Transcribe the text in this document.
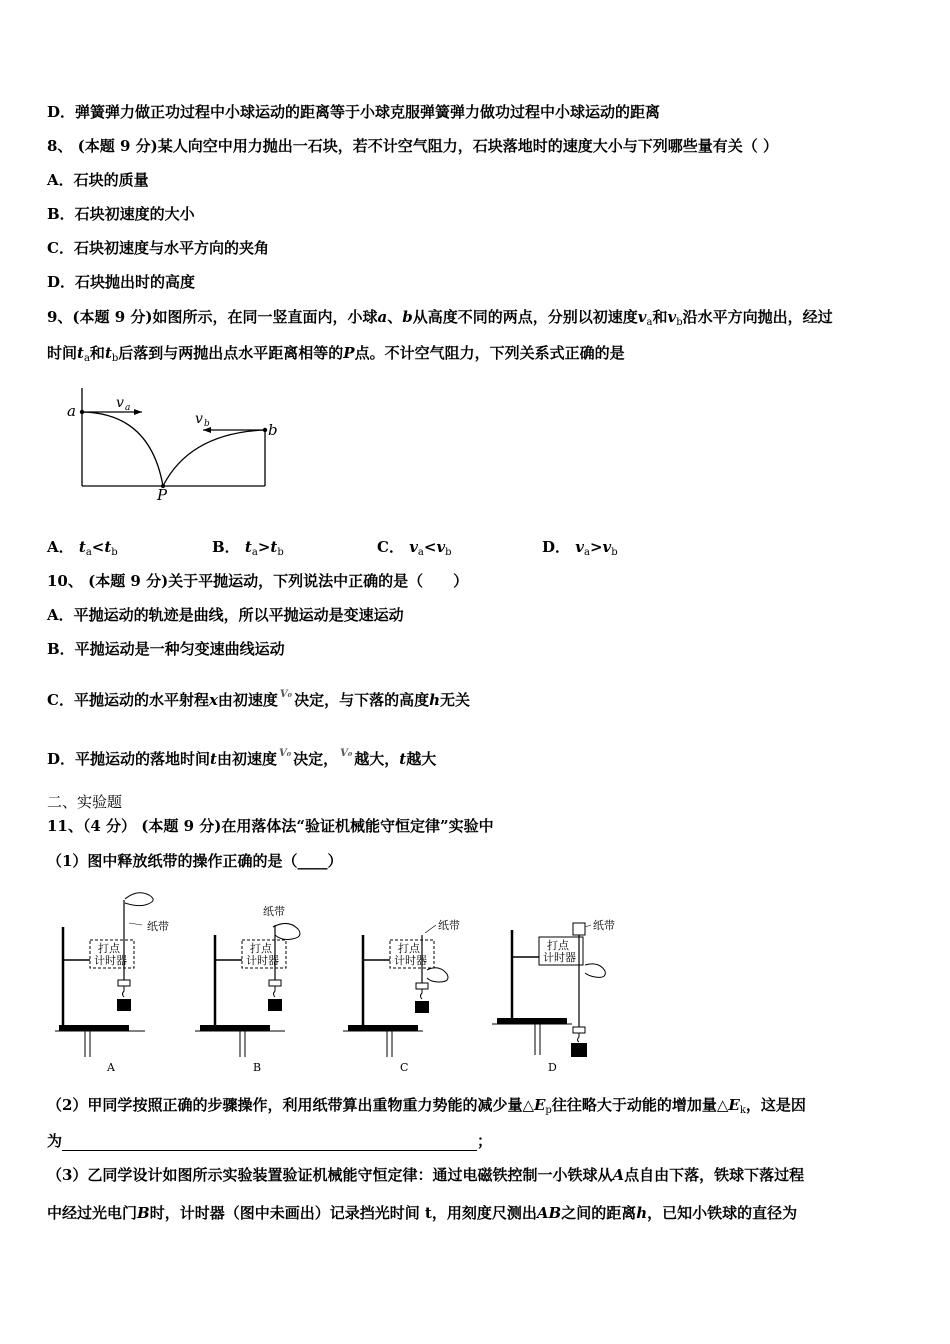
D．弹簧弹力做正功过程中小球运动的距离等于小球克服弹簧弹力做功过程中小球运动的距离
8、 (本题 9 分)某人向空中用力抛出一石块，若不计空气阻力，石块落地时的速度大小与下列哪些量有关（ ）
A．石块的质量
B．石块初速度的大小
C．石块初速度与水平方向的夹角
D．石块抛出时的高度
9、(本题 9 分)如图所示，在同一竖直面内，小球a、b从高度不同的两点，分别以初速度$v_a$和$v_b$沿水平方向抛出，经过
时间$t_a$和$t_b$后落到与两抛出点水平距离相等的P点。不计空气阻力，下列关系式正确的是
a	v a
v b	b
P
A． $t_a<t_b$	B． $t_a>t_b$	C． $v_a<v_b$	D． $v_a>v_b$
10、 (本题 9 分)关于平抛运动，下列说法中正确的是（　　）
A．平抛运动的轨迹是曲线，所以平抛运动是变速运动
B．平抛运动是一种匀变速曲线运动
C．平抛运动的水平射程x由初速度 $^{V_0}$ 决定，与下落的高度h无关
D．平抛运动的落地时间t由初速度 $^{V_0}$ 决定， $^{V_0}$ 越大，t越大
二、实验题
11、（4 分） (本题 9 分)在用落体法“验证机械能守恒定律”实验中
（1）图中释放纸带的操作正确的是（____）
打点
计时器
纸带
A
打点
计时器
纸带
B
打点
计时器
纸带
C
打点
计时器
纸带
D
（2）甲同学按照正确的步骤操作，利用纸带算出重物重力势能的减少量$\triangle E_p$往往略大于动能的增加量$\triangle E_k$，这是因
为	；
（3）乙同学设计如图所示实验装置验证机械能守恒定律：通过电磁铁控制一小铁球从A点自由下落，铁球下落过程
中经过光电门B时，计时器（图中未画出）记录挡光时间 t，用刻度尺测出AB之间的距离h，已知小铁球的直径为
